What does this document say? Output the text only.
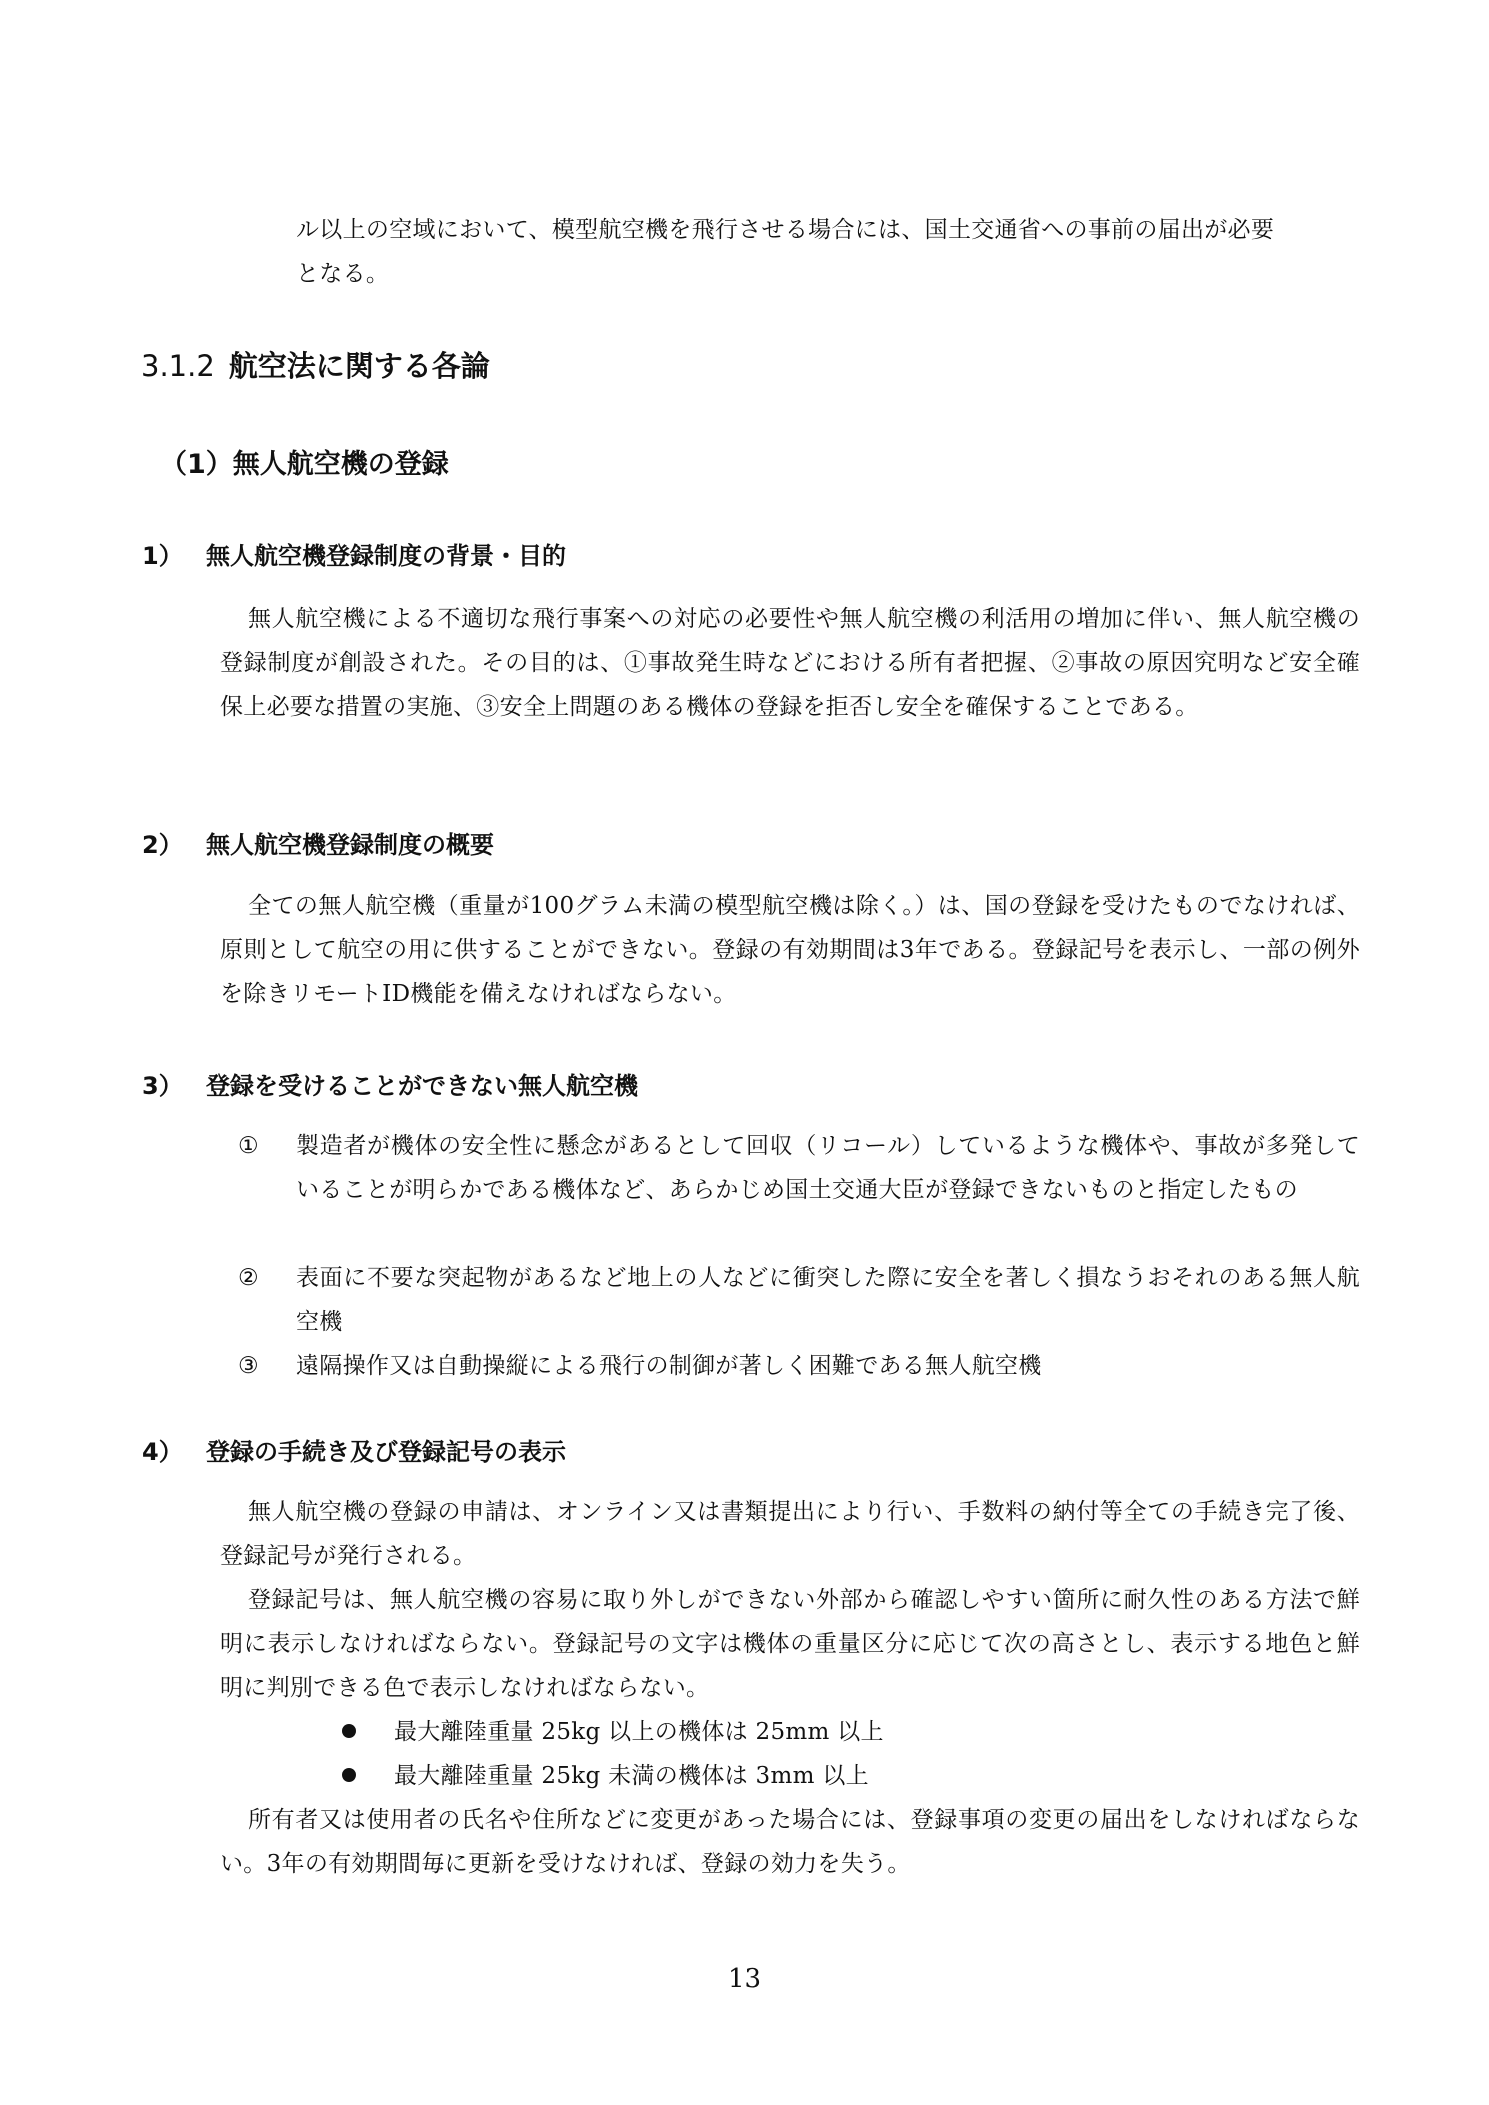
ル以上の空域において、模型航空機を飛行させる場合には、国土交通省への事前の届出が必要

となる。

3.1.2 航空法に関する各論
（1）無人航空機の登録
1） 無人航空機登録制度の背景・目的

無人航空機による不適切な飛行事案への対応の必要性や無人航空機の利活用の増加に伴い、無人航空機の登録制度が創設された。その目的は、①事故発生時などにおける所有者把握、②事故の原因究明など安全確保上必要な措置の実施、③安全上問題のある機体の登録を拒否し安全を確保することである。

2） 無人航空機登録制度の概要

全ての無人航空機（重量が100グラム未満の模型航空機は除く。）は、国の登録を受けたものでなければ、原則として航空の用に供することができない。登録の有効期間は3年である。登録記号を表示し、一部の例外を除きリモートID機能を備えなければならない。

3） 登録を受けることができない無人航空機
①	製造者が機体の安全性に懸念があるとして回収（リコール）しているような機体や、事故が多発していることが明らかである機体など、あらかじめ国土交通大臣が登録できないものと指定したもの
②	表面に不要な突起物があるなど地上の人などに衝突した際に安全を著しく損なうおそれのある無人航空機
③	遠隔操作又は自動操縦による飛行の制御が著しく困難である無人航空機
4） 登録の手続き及び登録記号の表示

無人航空機の登録の申請は、オンライン又は書類提出により行い、手数料の納付等全ての手続き完了後、登録記号が発行される。

登録記号は、無人航空機の容易に取り外しができない外部から確認しやすい箇所に耐久性のある方法で鮮明に表示しなければならない。登録記号の文字は機体の重量区分に応じて次の高さとし、表示する地色と鮮明に判別できる色で表示しなければならない。

最大離陸重量 25kg 以上の機体は 25mm 以上
最大離陸重量 25kg 未満の機体は 3mm 以上

所有者又は使用者の氏名や住所などに変更があった場合には、登録事項の変更の届出をしなければならない。3年の有効期間毎に更新を受けなければ、登録の効力を失う。

13
